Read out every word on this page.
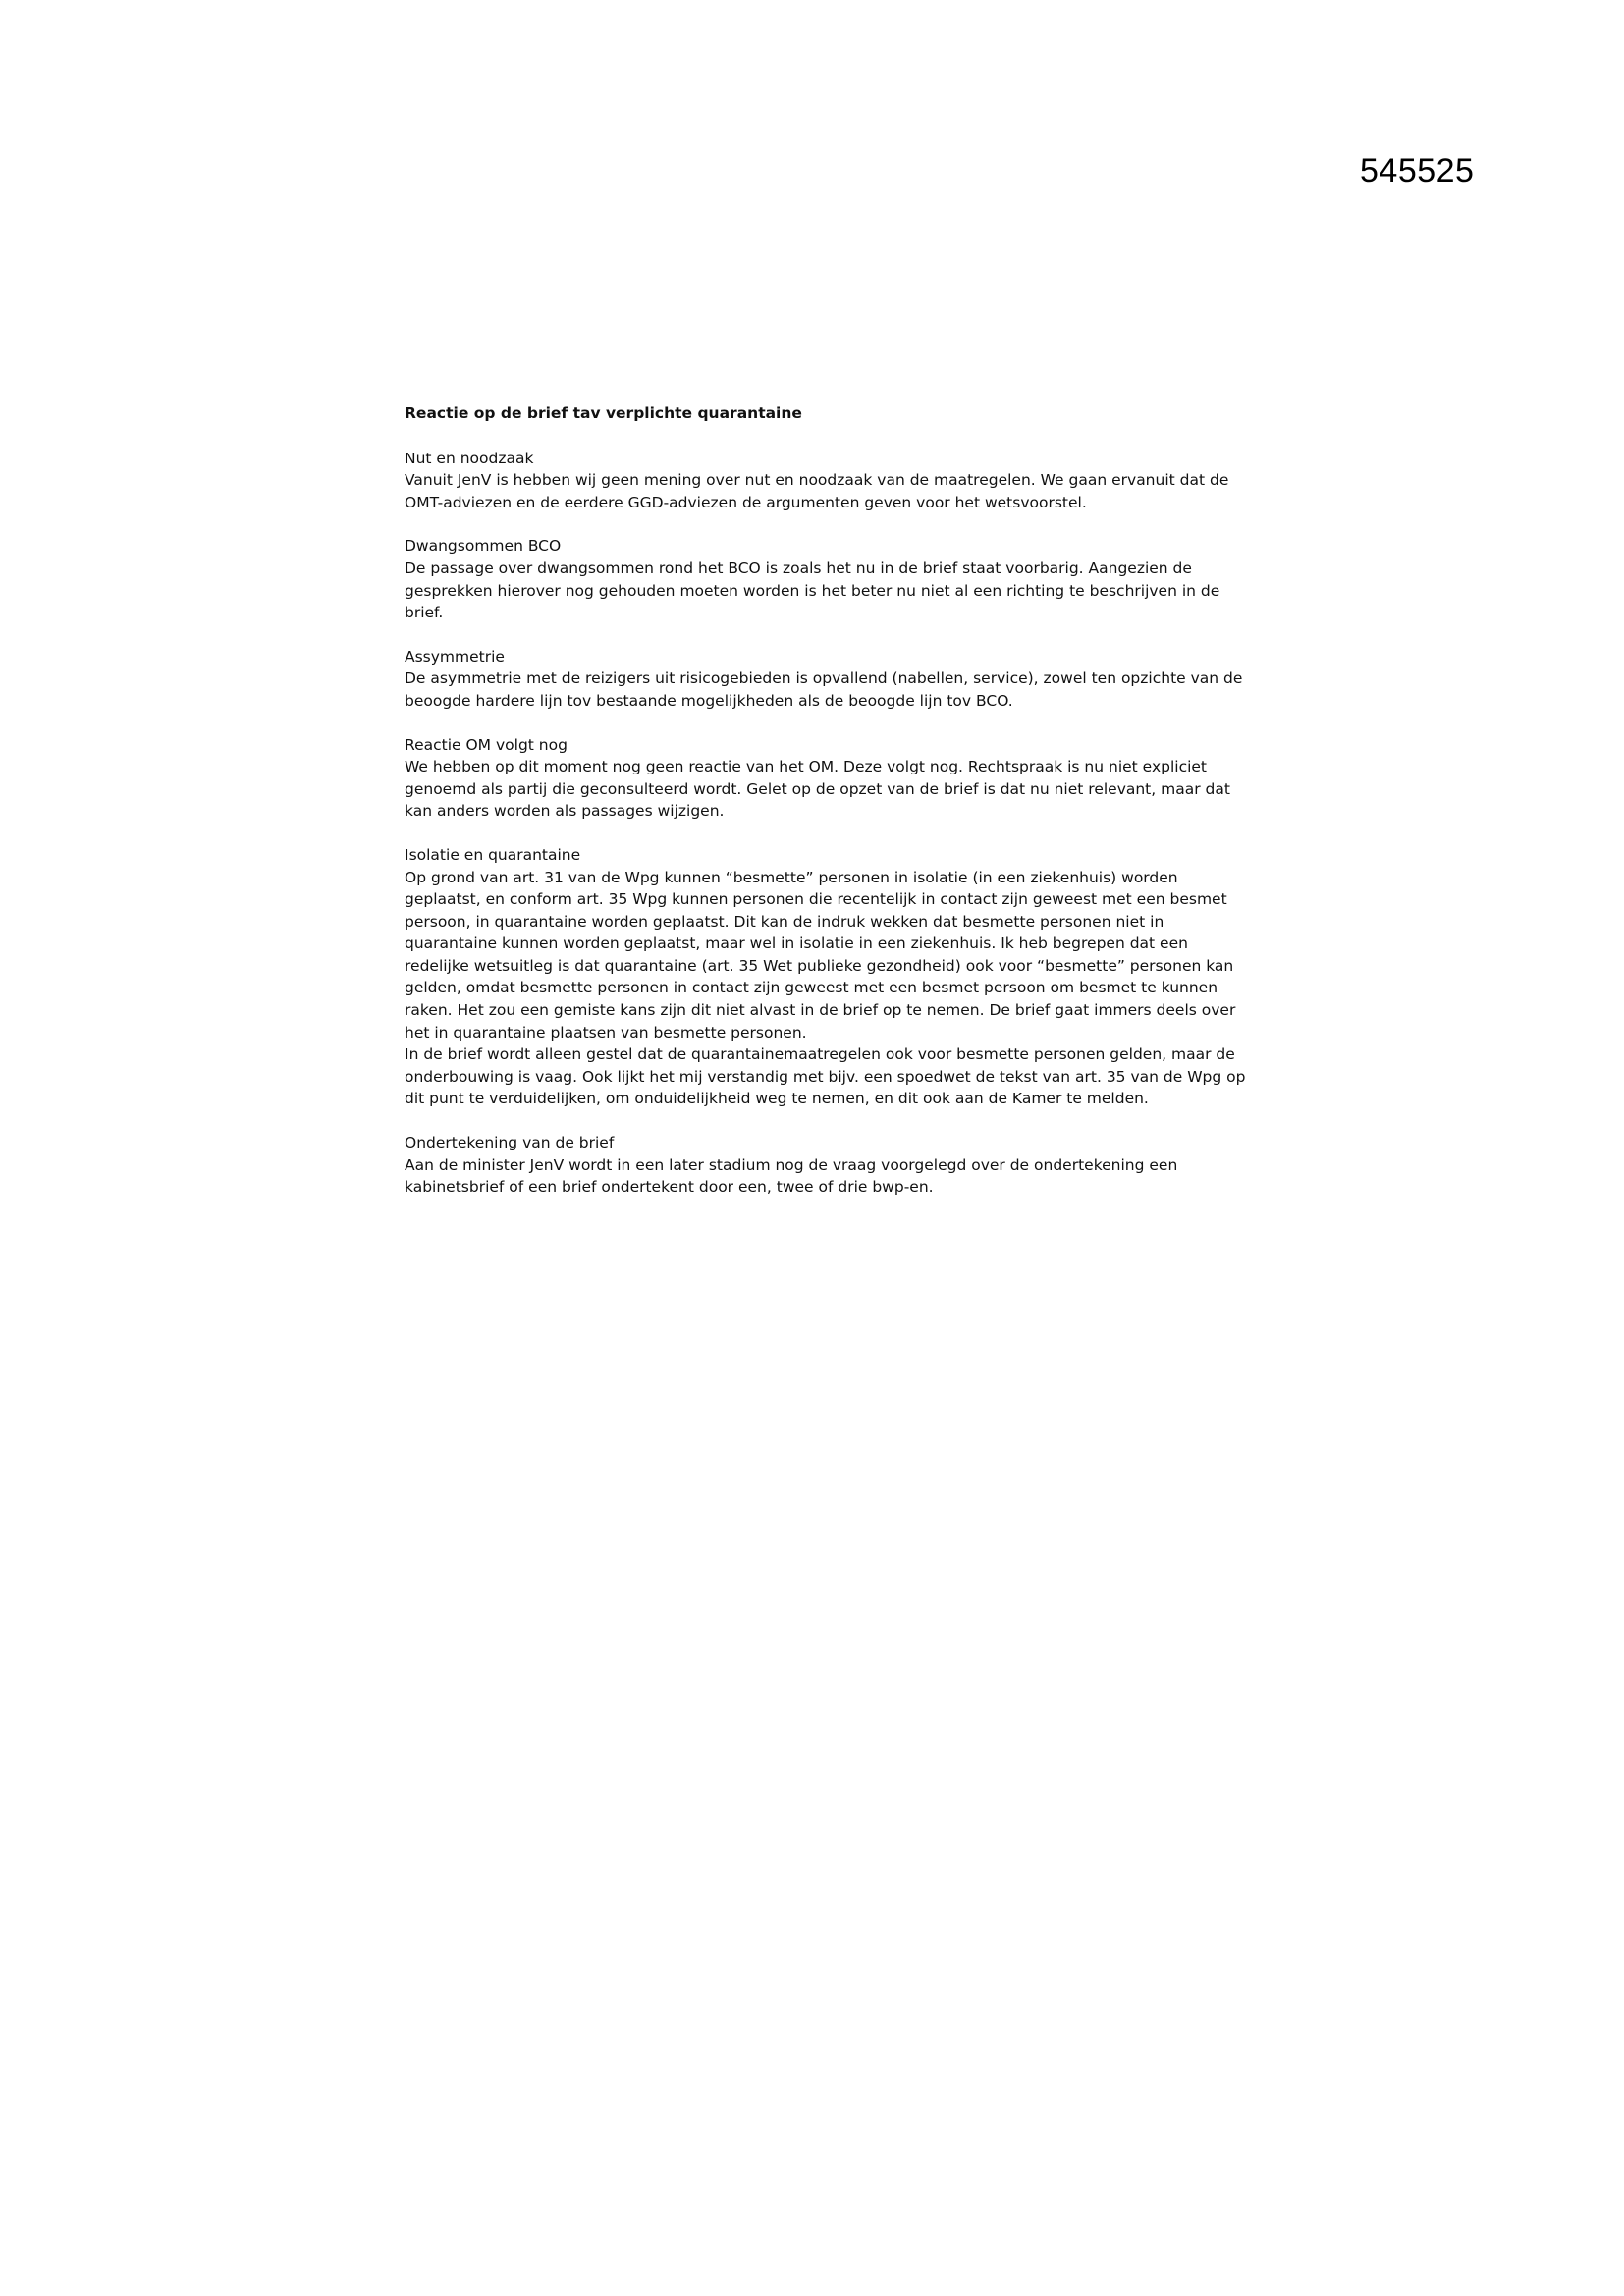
545525
Reactie op de brief tav verplichte quarantaine
Nut en noodzaak

Vanuit JenV is hebben wij geen mening over nut en noodzaak van de maatregelen. We gaan ervanuit dat de OMT-adviezen en de eerdere GGD-adviezen de argumenten geven voor het wetsvoorstel.

Dwangsommen BCO

De passage over dwangsommen rond het BCO is zoals het nu in de brief staat voorbarig. Aangezien de gesprekken hierover nog gehouden moeten worden is het beter nu niet al een richting te beschrijven in de brief.

Assymmetrie

De asymmetrie met de reizigers uit risicogebieden is opvallend (nabellen, service), zowel ten opzichte van de beoogde hardere lijn tov bestaande mogelijkheden als de beoogde lijn tov BCO.

Reactie OM volgt nog

We hebben op dit moment nog geen reactie van het OM. Deze volgt nog. Rechtspraak is nu niet expliciet genoemd als partij die geconsulteerd wordt. Gelet op de opzet van de brief is dat nu niet relevant, maar dat kan anders worden als passages wijzigen.

Isolatie en quarantaine

Op grond van art. 31 van de Wpg kunnen “besmette” personen in isolatie (in een ziekenhuis) worden geplaatst, en conform art. 35 Wpg kunnen personen die recentelijk in contact zijn geweest met een besmet persoon, in quarantaine worden geplaatst. Dit kan de indruk wekken dat besmette personen niet in quarantaine kunnen worden geplaatst, maar wel in isolatie in een ziekenhuis. Ik heb begrepen dat een redelijke wetsuitleg is dat quarantaine (art. 35 Wet publieke gezondheid) ook voor “besmette” personen kan gelden, omdat besmette personen in contact zijn geweest met een besmet persoon om besmet te kunnen raken. Het zou een gemiste kans zijn dit niet alvast in de brief op te nemen. De brief gaat immers deels over het in quarantaine plaatsen van besmette personen.

In de brief wordt alleen gestel dat de quarantainemaatregelen ook voor besmette personen gelden, maar de onderbouwing is vaag. Ook lijkt het mij verstandig met bijv. een spoedwet de tekst van art. 35 van de Wpg op dit punt te verduidelijken, om onduidelijkheid weg te nemen, en dit ook aan de Kamer te melden.

Ondertekening van de brief

Aan de minister JenV wordt in een later stadium nog de vraag voorgelegd over de ondertekening een kabinetsbrief of een brief ondertekent door een, twee of drie bwp-en.
